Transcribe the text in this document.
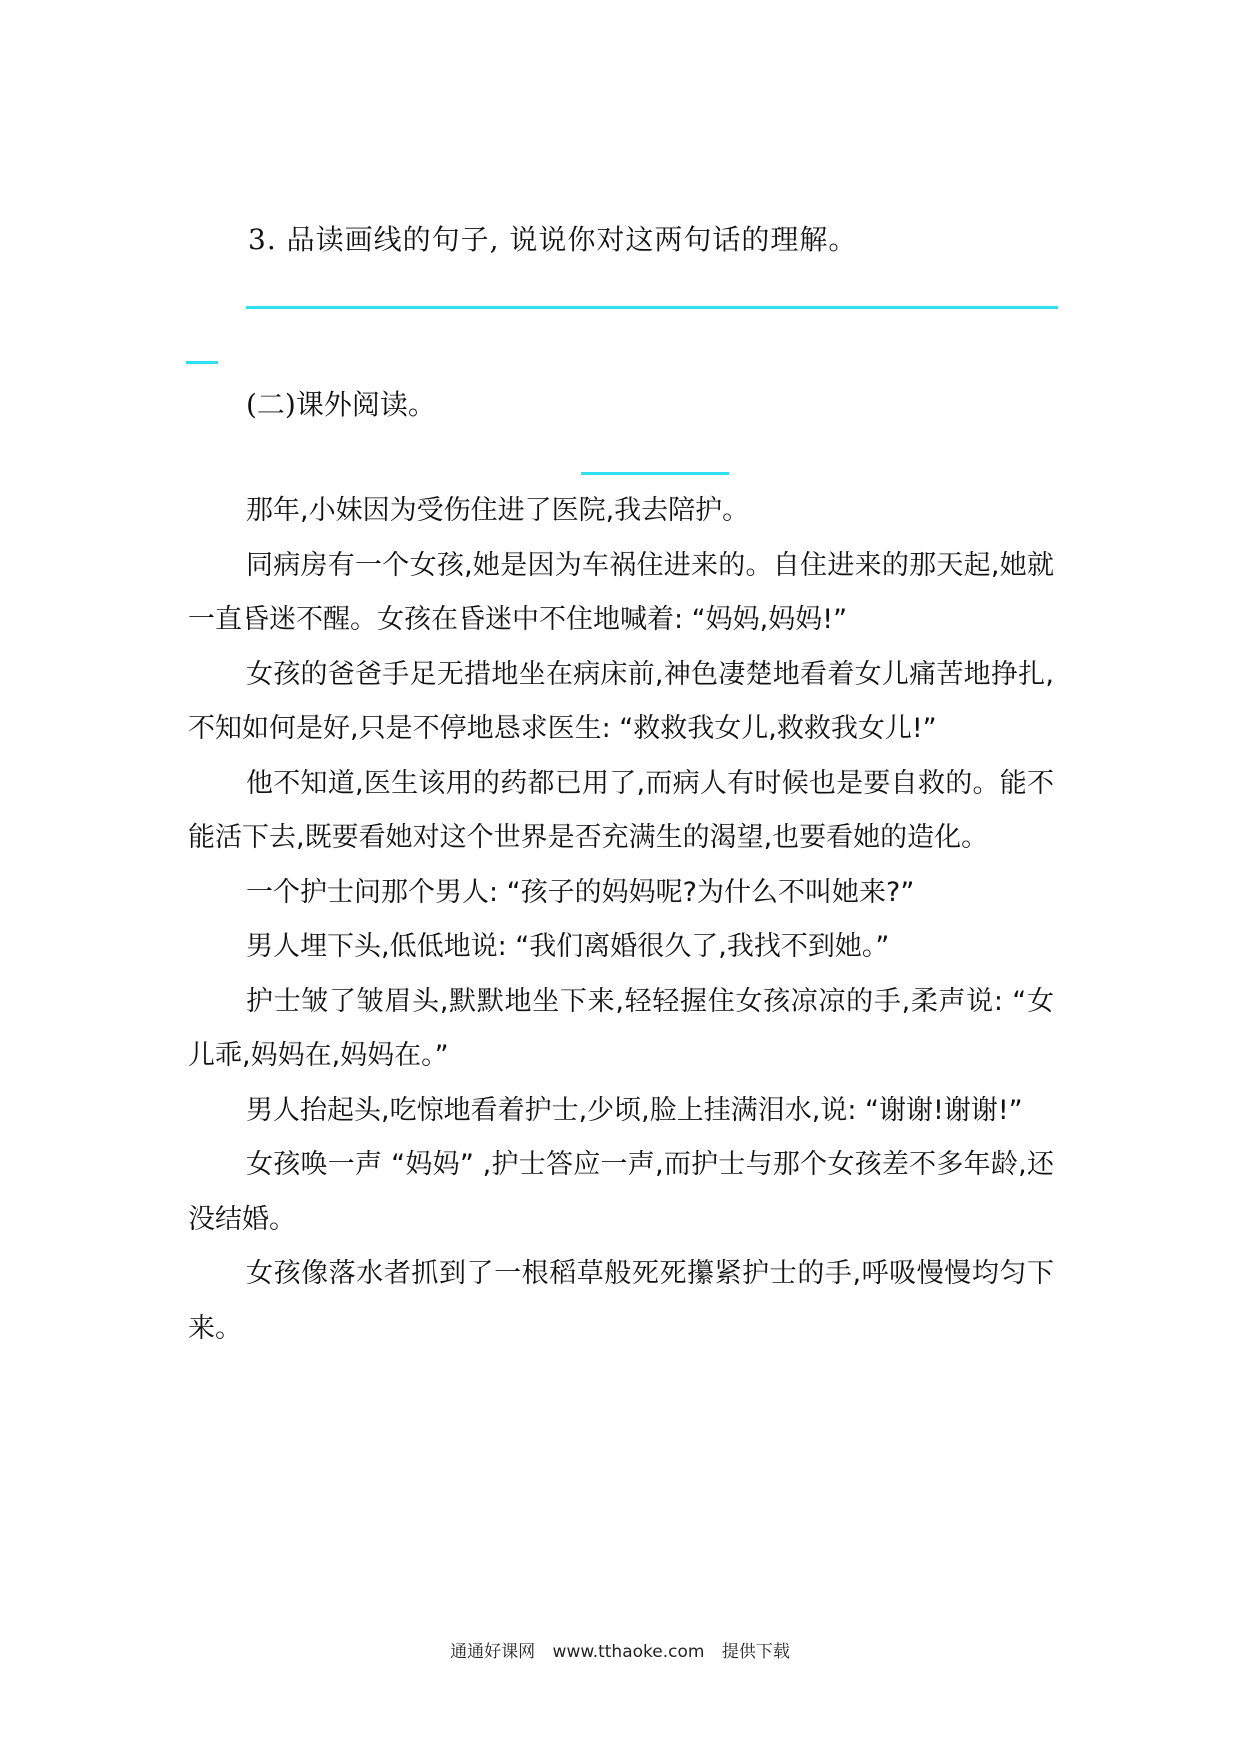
3. 品读画线的句子, 说说你对这两句话的理解。
(二)课外阅读。

那年,小妹因为受伤住进了医院,我去陪护。

同病房有一个女孩,她是因为车祸住进来的。自住进来的那天起,她就一直昏迷不醒。女孩在昏迷中不住地喊着: “妈妈,妈妈!”

女孩的爸爸手足无措地坐在病床前,神色凄楚地看着女儿痛苦地挣扎,不知如何是好,只是不停地恳求医生: “救救我女儿,救救我女儿!”

他不知道,医生该用的药都已用了,而病人有时候也是要自救的。能不能活下去,既要看她对这个世界是否充满生的渴望,也要看她的造化。

一个护士问那个男人: “孩子的妈妈呢?为什么不叫她来?”

男人埋下头,低低地说: “我们离婚很久了,我找不到她。”

护士皱了皱眉头,默默地坐下来,轻轻握住女孩凉凉的手,柔声说: “女儿乖,妈妈在,妈妈在。”

男人抬起头,吃惊地看着护士,少顷,脸上挂满泪水,说: “谢谢!谢谢!”

女孩唤一声 “妈妈” ,护士答应一声,而护士与那个女孩差不多年龄,还没结婚。

女孩像落水者抓到了一根稻草般死死攥紧护士的手,呼吸慢慢均匀下来。

通通好课网 www.tthaoke.com 提供下载
